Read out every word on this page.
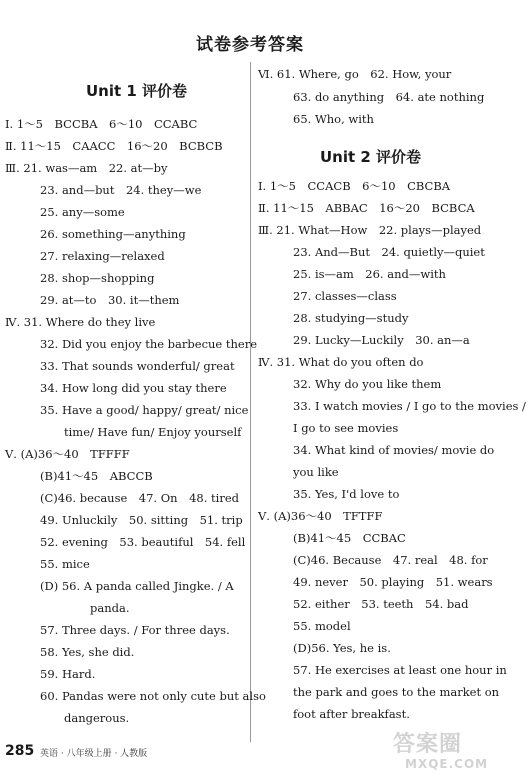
试卷参考答案
Unit 1 评价卷
Ⅰ. 1～5　BCCBA　6～10　CCABC
Ⅱ. 11～15　CAACC　16～20　BCBCB
Ⅲ. 21. was—am　22. at—by
23. and—but　24. they—we
25. any—some
26. something—anything
27. relaxing—relaxed
28. shop—shopping
29. at—to　30. it—them
Ⅳ. 31. Where do they live
32. Did you enjoy the barbecue there
33. That sounds wonderful/ great
34. How long did you stay there
35. Have a good/ happy/ great/ nice
time/ Have fun/ Enjoy yourself
Ⅴ. (A)36～40　TFFFF
(B)41～45　ABCCB
(C)46. because　47. On　48. tired
49. Unluckily　50. sitting　51. trip
52. evening　53. beautiful　54. fell
55. mice
(D) 56. A panda called Jingke. / A
panda.
57. Three days. / For three days.
58. Yes, she did.
59. Hard.
60. Pandas were not only cute but also
dangerous.
Ⅵ. 61. Where, go　62. How, your
63. do anything　64. ate nothing
65. Who, with
Unit 2 评价卷
Ⅰ. 1～5　CCACB　6～10　CBCBA
Ⅱ. 11～15　ABBAC　16～20　BCBCA
Ⅲ. 21. What—How　22. plays—played
23. And—But　24. quietly—quiet
25. is—am　26. and—with
27. classes—class
28. studying—study
29. Lucky—Luckily　30. an—a
Ⅳ. 31. What do you often do
32. Why do you like them
33. I watch movies / I go to the movies /
I go to see movies
34. What kind of movies/ movie do
you like
35. Yes, I'd love to
Ⅴ. (A)36～40　TFTFF
(B)41～45　CCBAC
(C)46. Because　47. real　48. for
49. never　50. playing　51. wears
52. either　53. teeth　54. bad
55. model
(D)56. Yes, he is.
57. He exercises at least one hour in
the park and goes to the market on
foot after breakfast.
285 英语 · 八年级上册 · 人教版	答案圈
MXQE.COM
